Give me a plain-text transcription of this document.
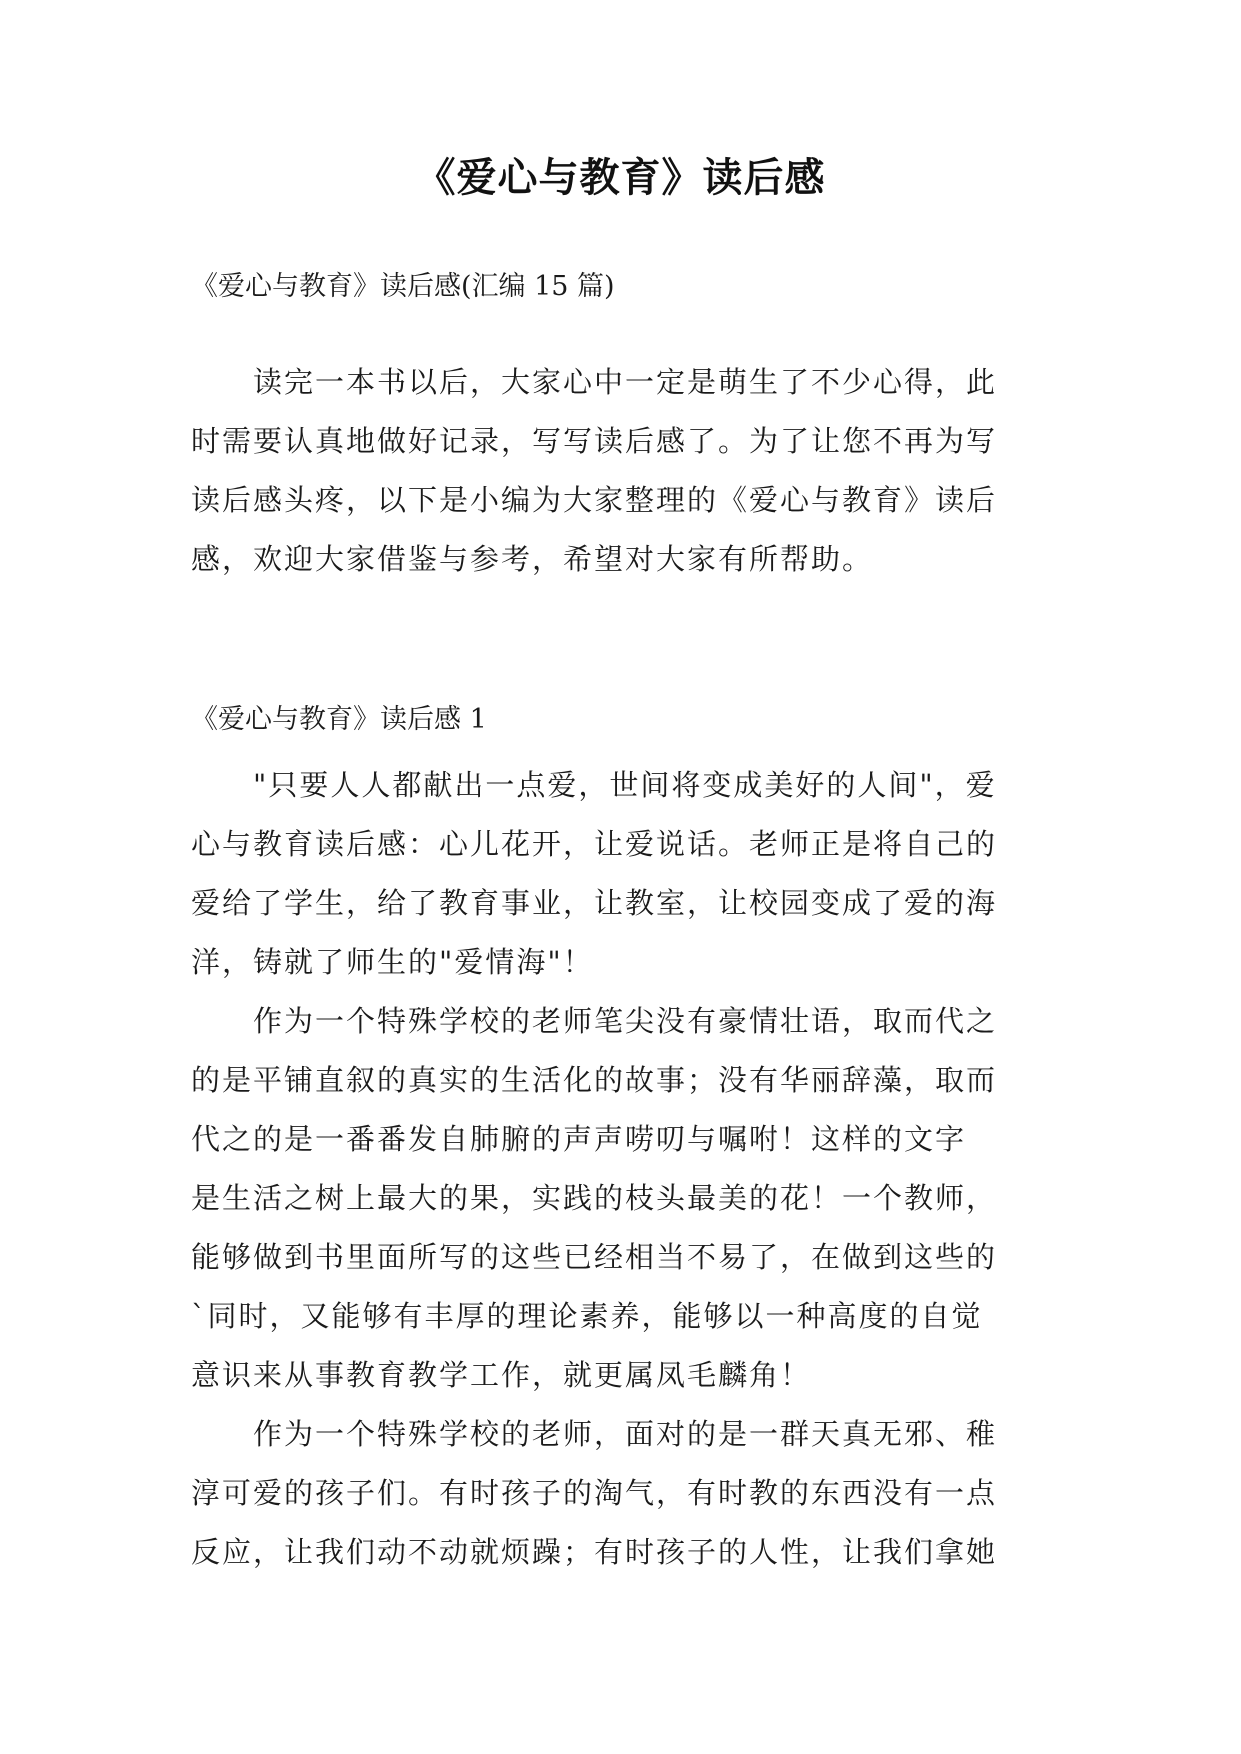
《爱心与教育》读后感
《爱心与教育》读后感(汇编 15 篇)
　　读完一本书以后，大家心中一定是萌生了不少心得，此
时需要认真地做好记录，写写读后感了。为了让您不再为写
读后感头疼，以下是小编为大家整理的《爱心与教育》读后
感，欢迎大家借鉴与参考，希望对大家有所帮助。
《爱心与教育》读后感 1
　　"只要人人都献出一点爱，世间将变成美好的人间"，爱
心与教育读后感：心儿花开，让爱说话。老师正是将自己的
爱给了学生，给了教育事业，让教室，让校园变成了爱的海
洋，铸就了师生的"爱情海"！
　　作为一个特殊学校的老师笔尖没有豪情壮语，取而代之
的是平铺直叙的真实的生活化的故事；没有华丽辞藻，取而
代之的是一番番发自肺腑的声声唠叨与嘱咐！这样的文字
是生活之树上最大的果，实践的枝头最美的花！一个教师，
能够做到书里面所写的这些已经相当不易了，在做到这些的
`同时，又能够有丰厚的理论素养，能够以一种高度的自觉
意识来从事教育教学工作，就更属凤毛麟角！
　　作为一个特殊学校的老师，面对的是一群天真无邪、稚
淳可爱的孩子们。有时孩子的淘气，有时教的东西没有一点
反应，让我们动不动就烦躁；有时孩子的人性，让我们拿她
